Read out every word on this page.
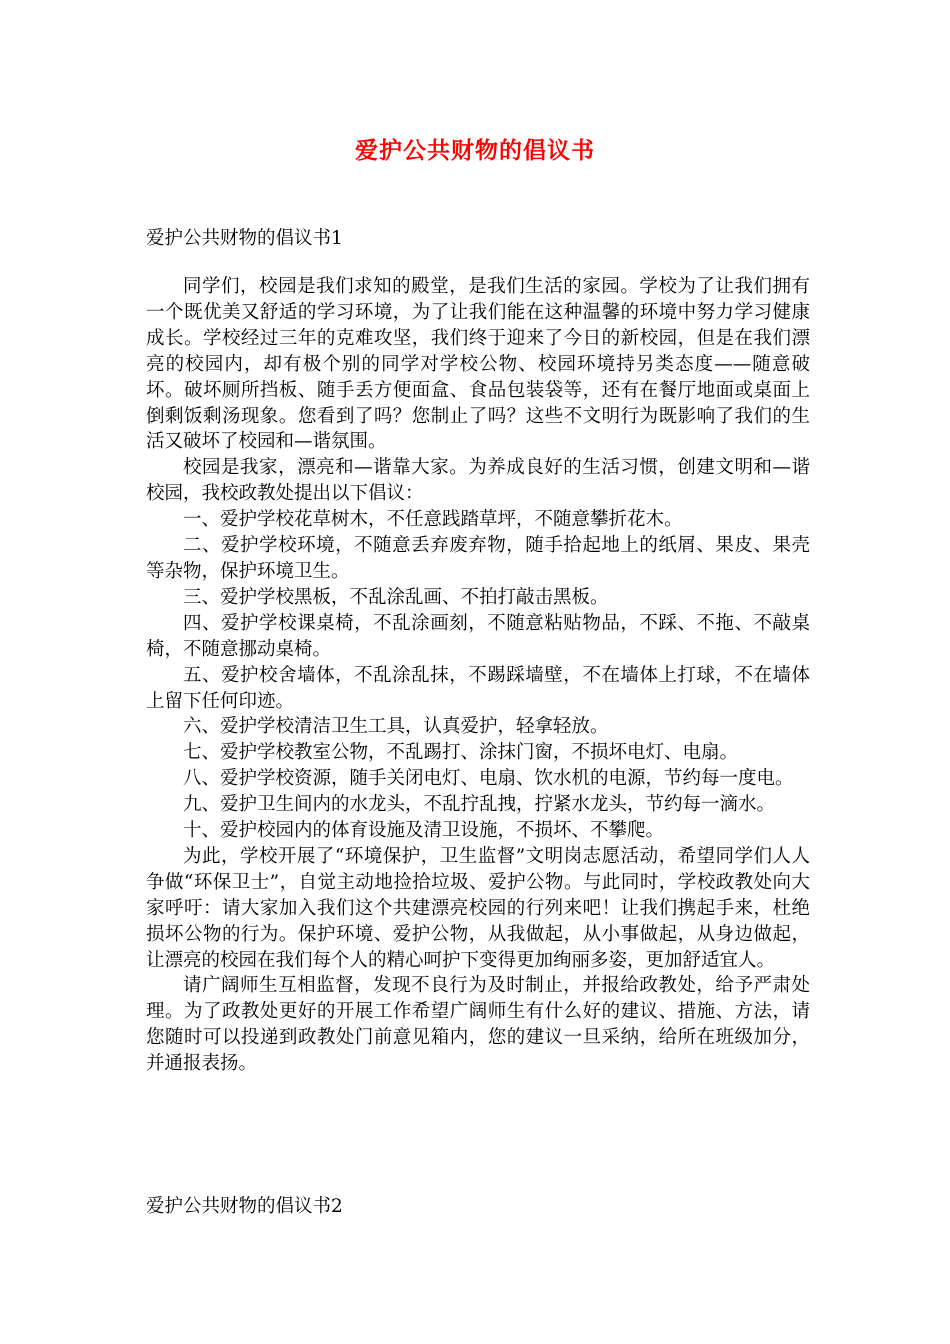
爱护公共财物的倡议书
爱护公共财物的倡议书1

同学们，校园是我们求知的殿堂，是我们生活的家园。学校为了让我们拥有一个既优美又舒适的学习环境，为了让我们能在这种温馨的环境中努力学习健康成长。学校经过三年的克难攻坚，我们终于迎来了今日的新校园，但是在我们漂亮的校园内，却有极个别的同学对学校公物、校园环境持另类态度——随意破坏。破坏厕所挡板、随手丢方便面盒、食品包装袋等，还有在餐厅地面或桌面上倒剩饭剩汤现象。您看到了吗？您制止了吗？这些不文明行为既影响了我们的生活又破坏了校园和—谐氛围。

校园是我家，漂亮和—谐靠大家。为养成良好的生活习惯，创建文明和—谐校园，我校政教处提出以下倡议：

一、爱护学校花草树木，不任意践踏草坪，不随意攀折花木。

二、爱护学校环境，不随意丢弃废弃物，随手拾起地上的纸屑、果皮、果壳 等杂物，保护环境卫生。

三、爱护学校黑板，不乱涂乱画、不拍打敲击黑板。

四、爱护学校课桌椅，不乱涂画刻，不随意粘贴物品，不踩、不拖、不敲桌 椅，不随意挪动桌椅。

五、爱护校舍墙体，不乱涂乱抹，不踢踩墙壁，不在墙体上打球，不在墙体 上留下任何印迹。

六、爱护学校清洁卫生工具，认真爱护，轻拿轻放。

七、爱护学校教室公物，不乱踢打、涂抹门窗，不损坏电灯、电扇。

八、爱护学校资源，随手关闭电灯、电扇、饮水机的电源，节约每一度电。

九、爱护卫生间内的水龙头，不乱拧乱拽，拧紧水龙头，节约每一滴水。

十、爱护校园内的体育设施及清卫设施，不损坏、不攀爬。

为此，学校开展了“环境保护，卫生监督”文明岗志愿活动，希望同学们人人争做“环保卫士”，自觉主动地捡拾垃圾、爱护公物。与此同时，学校政教处向大家呼吁：请大家加入我们这个共建漂亮校园的行列来吧！让我们携起手来，杜绝损坏公物的行为。保护环境、爱护公物，从我做起，从小事做起，从身边做起，让漂亮的校园在我们每个人的精心呵护下变得更加绚丽多姿，更加舒适宜人。

请广阔师生互相监督，发现不良行为及时制止，并报给政教处，给予严肃处理。为了政教处更好的开展工作希望广阔师生有什么好的建议、措施、方法，请您随时可以投递到政教处门前意见箱内，您的建议一旦采纳，给所在班级加分，并通报表扬。

爱护公共财物的倡议书2
